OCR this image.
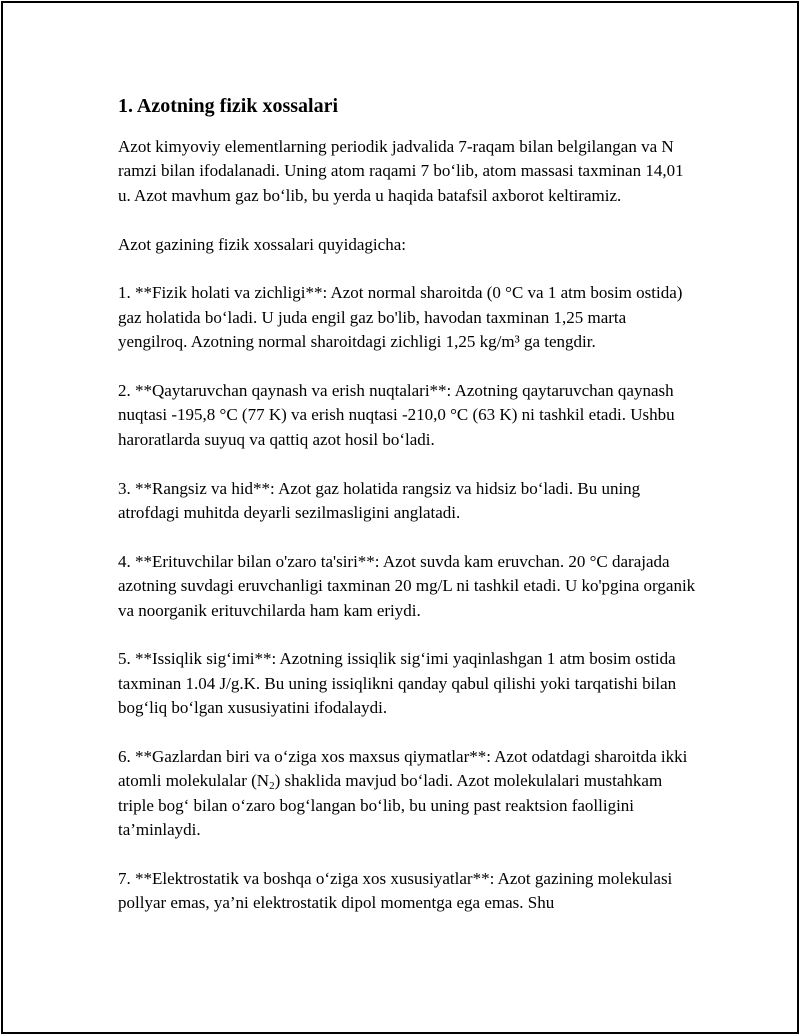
1. Azotning fizik xossalari

Azot kimyoviy elementlarning periodik jadvalida 7-raqam bilan belgilangan va N ramzi bilan ifodalanadi. Uning atom raqami 7 bo‘lib, atom massasi taxminan 14,01 u. Azot mavhum gaz bo‘lib, bu yerda u haqida batafsil axborot keltiramiz.

Azot gazining fizik xossalari quyidagicha:

1. **Fizik holati va zichligi**: Azot normal sharoitda (0 °C va 1 atm bosim ostida) gaz holatida bo‘ladi. U juda engil gaz bo'lib, havodan taxminan 1,25 marta yengilroq. Azotning normal sharoitdagi zichligi 1,25 kg/m³ ga tengdir.

2. **Qaytaruvchan qaynash va erish nuqtalari**: Azotning qaytaruvchan qaynash nuqtasi -195,8 °C (77 K) va erish nuqtasi -210,0 °C (63 K) ni tashkil etadi. Ushbu haroratlarda suyuq va qattiq azot hosil bo‘ladi.

3. **Rangsiz va hid**: Azot gaz holatida rangsiz va hidsiz bo‘ladi. Bu uning atrofdagi muhitda deyarli sezilmasligini anglatadi.

4. **Erituvchilar bilan o'zaro ta'siri**: Azot suvda kam eruvchan. 20 °C darajada azotning suvdagi eruvchanligi taxminan 20 mg/L ni tashkil etadi. U ko'pgina organik va noorganik erituvchilarda ham kam eriydi.

5. **Issiqlik sig‘imi**: Azotning issiqlik sig‘imi yaqinlashgan 1 atm bosim ostida taxminan 1.04 J/g.K. Bu uning issiqlikni qanday qabul qilishi yoki tarqatishi bilan bog‘liq bo‘lgan xususiyatini ifodalaydi.

6. **Gazlardan biri va o‘ziga xos maxsus qiymatlar**: Azot odatdagi sharoitda ikki atomli molekulalar $(N_2)$ shaklida mavjud bo‘ladi. Azot molekulalari mustahkam triple bog‘ bilan o‘zaro bog‘langan bo‘lib, bu uning past reaktsion faolligini ta’minlaydi.

7. **Elektrostatik va boshqa o‘ziga xos xususiyatlar**: Azot gazining molekulasi pollyar emas, ya’ni elektrostatik dipol momentga ega emas. Shu
